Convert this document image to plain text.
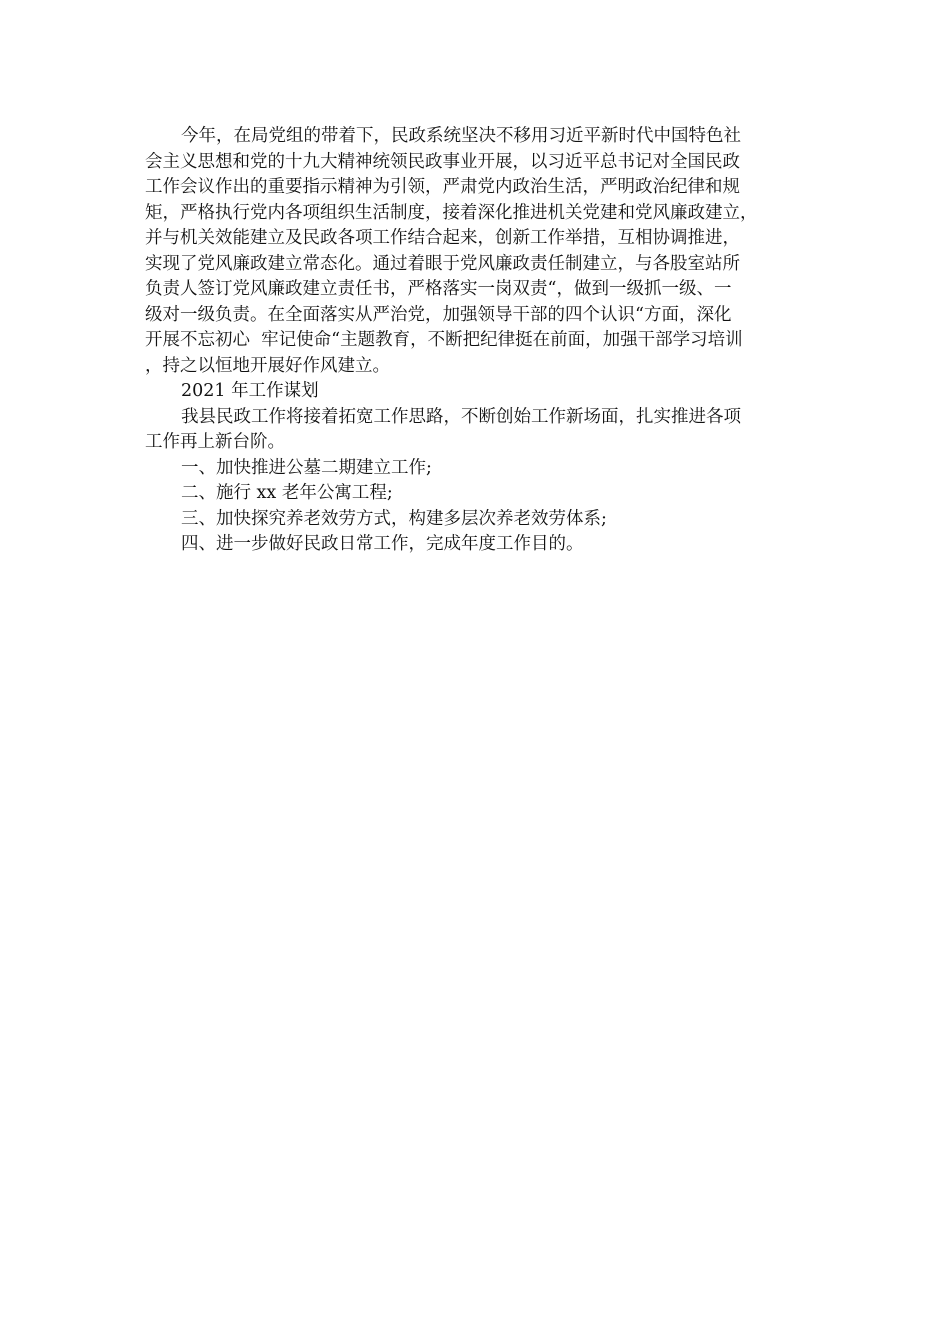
今年，在局党组的带着下，民政系统坚决不移用习近平新时代中国特色社
会主义思想和党的十九大精神统领民政事业开展，以习近平总书记对全国民政
工作会议作出的重要指示精神为引领，严肃党内政治生活，严明政治纪律和规
矩，严格执行党内各项组织生活制度，接着深化推进机关党建和党风廉政建立，
并与机关效能建立及民政各项工作结合起来，创新工作举措，互相协调推进，
实现了党风廉政建立常态化。通过着眼于党风廉政责任制建立，与各股室站所
负责人签订党风廉政建立责任书，严格落实一岗双责“，做到一级抓一级、一
级对一级负责。在全面落实从严治党，加强领导干部的四个认识“方面，深化
开展不忘初心  牢记使命“主题教育，不断把纪律挺在前面，加强干部学习培训
，持之以恒地开展好作风建立。
2021 年工作谋划
我县民政工作将接着拓宽工作思路，不断创始工作新场面，扎实推进各项
工作再上新台阶。
一、加快推进公墓二期建立工作;
二、施行 xx 老年公寓工程;
三、加快探究养老效劳方式，构建多层次养老效劳体系;
四、进一步做好民政日常工作，完成年度工作目的。
